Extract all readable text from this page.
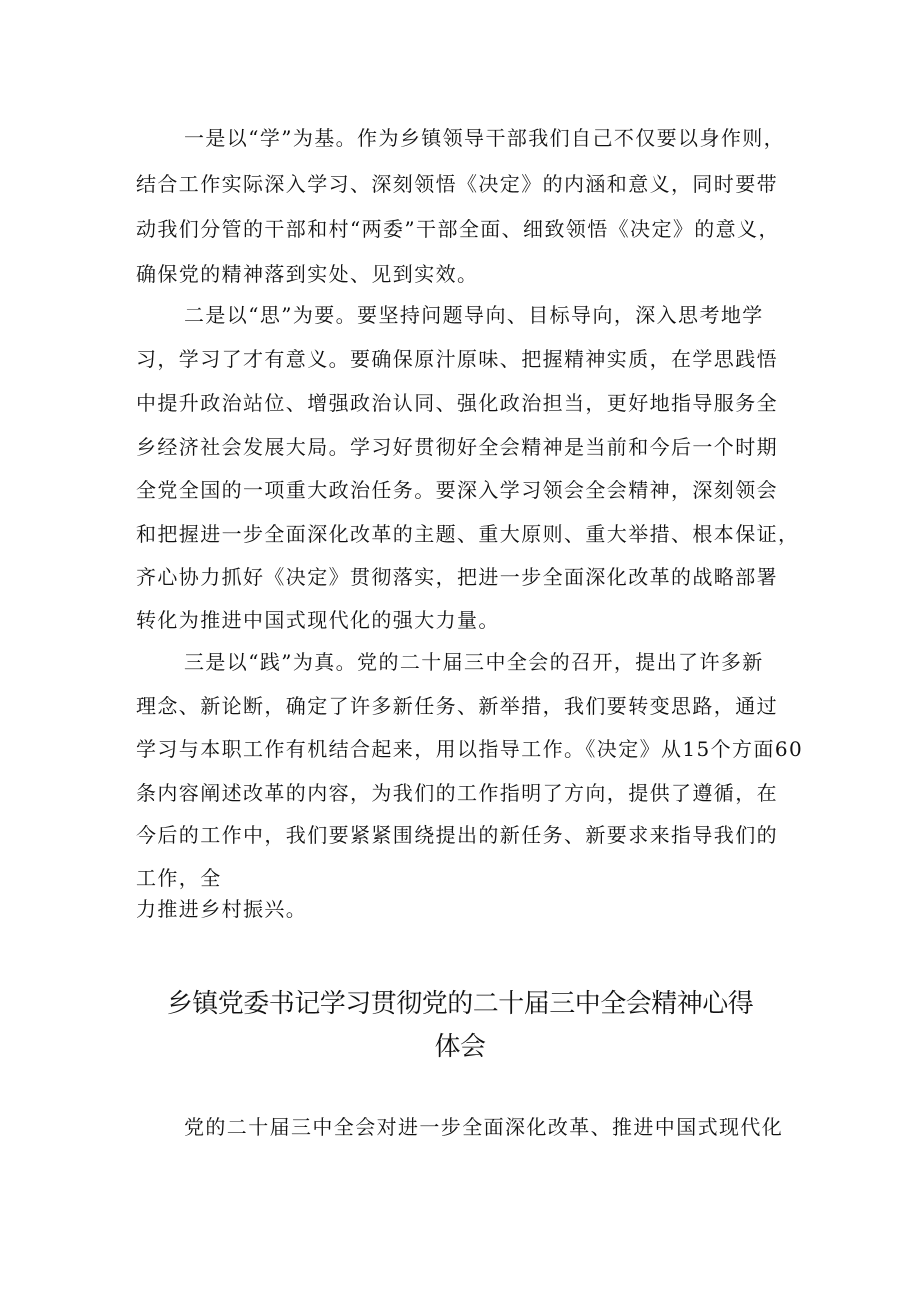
一是以“学”为基。作为乡镇领导干部我们自己不仅要以身作则，
结合工作实际深入学习、深刻领悟《决定》的内涵和意义，同时要带
动我们分管的干部和村“两委”干部全面、细致领悟《决定》的意义，
确保党的精神落到实处、见到实效。
二是以“思”为要。要坚持问题导向、目标导向，深入思考地学
习，学习了才有意义。要确保原汁原味、把握精神实质，在学思践悟
中提升政治站位、增强政治认同、强化政治担当，更好地指导服务全
乡经济社会发展大局。学习好贯彻好全会精神是当前和今后一个时期
全党全国的一项重大政治任务。要深入学习领会全会精神，深刻领会
和把握进一步全面深化改革的主题、重大原则、重大举措、根本保证，
齐心协力抓好《决定》贯彻落实，把进一步全面深化改革的战略部署
转化为推进中国式现代化的强大力量。
三是以“践”为真。党的二十届三中全会的召开，提出了许多新
理念、新论断，确定了许多新任务、新举措，我们要转变思路，通过
学习与本职工作有机结合起来，用以指导工作。《决定》从15个方面60
条内容阐述改革的内容，为我们的工作指明了方向，提供了遵循，在
今后的工作中，我们要紧紧围绕提出的新任务、新要求来指导我们的
工作，全
力推进乡村振兴。
乡镇党委书记学习贯彻党的二十届三中全会精神心得
体会
党的二十届三中全会对进一步全面深化改革、推进中国式现代化
